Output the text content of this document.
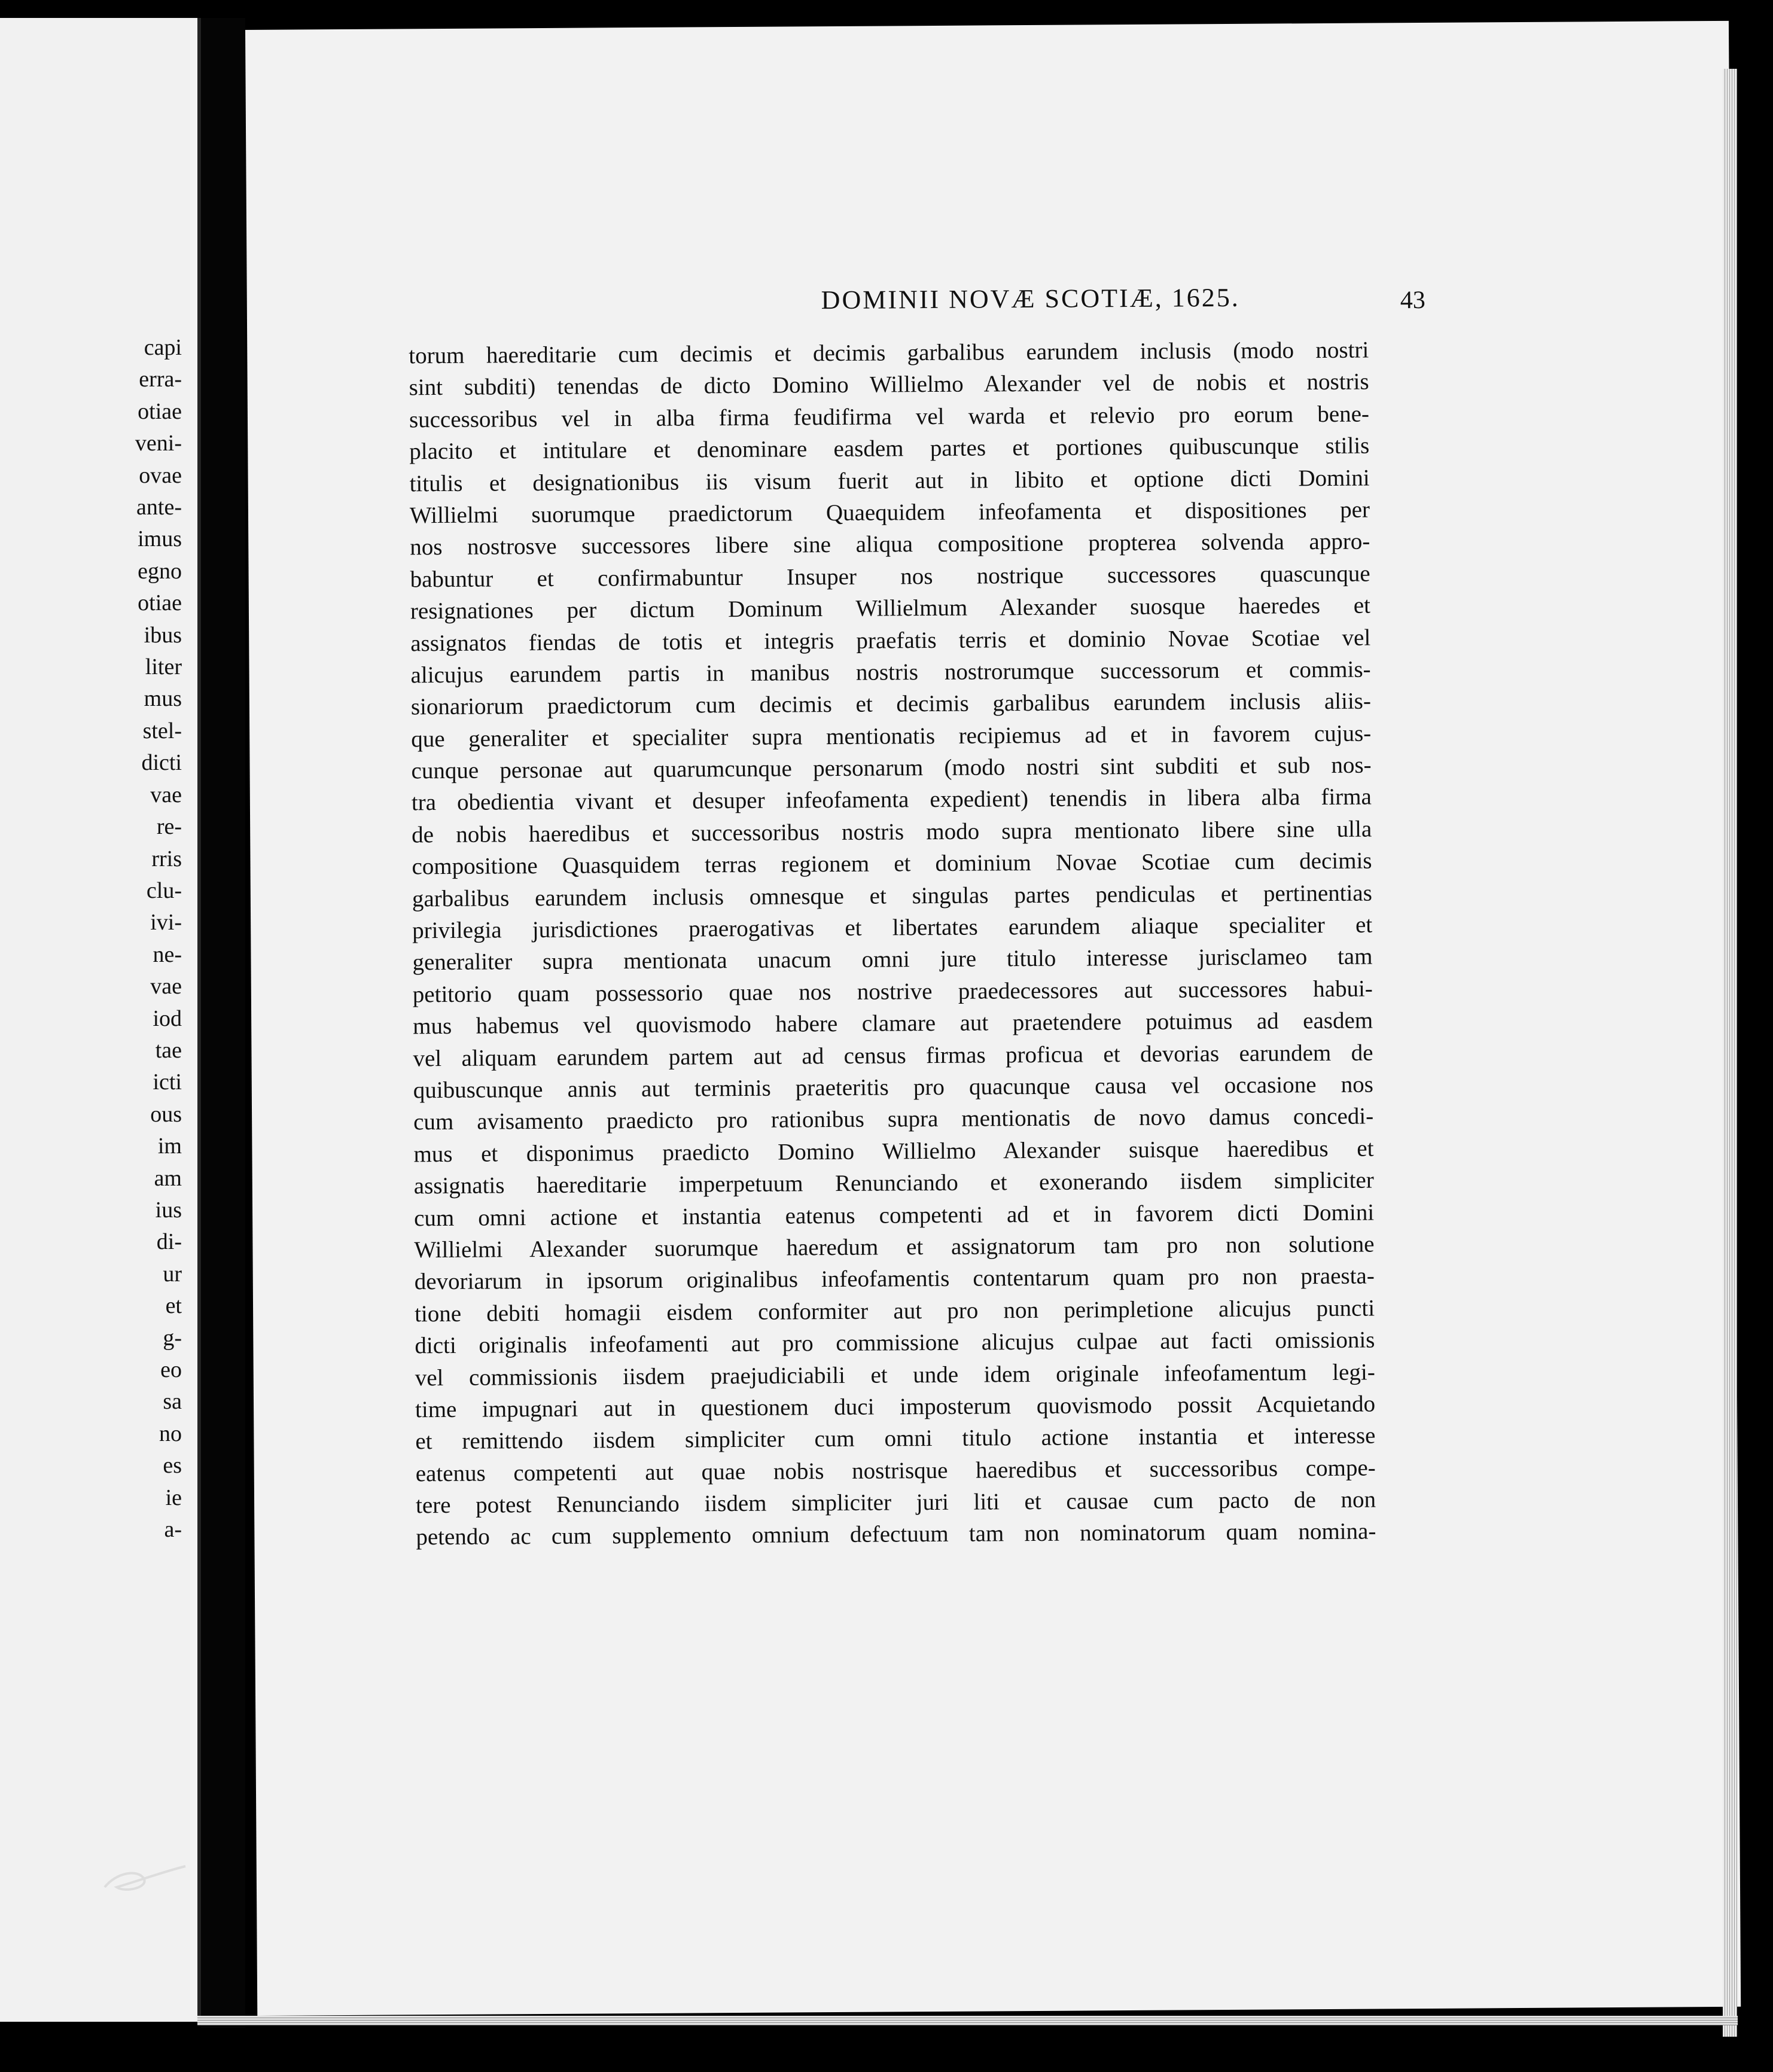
capi
erra-
otiae
veni-
ovae
ante-
imus
egno
otiae
ibus
liter
mus
stel-
dicti
vae
re-
rris
clu-
ivi-
ne-
vae
iod
tae
icti
ous
im
am
ius
di-
ur
et
g-
eo
sa
no
es
ie
a-
DOMINII NOVÆ SCOTIÆ, 1625.	43
torum haereditarie cum decimis et decimis garbalibus earundem inclusis (modo nostri
sint subditi) tenendas de dicto Domino Willielmo Alexander vel de nobis et nostris
successoribus vel in alba firma feudifirma vel warda et relevio pro eorum bene-
placito et intitulare et denominare easdem partes et portiones quibuscunque stilis
titulis et designationibus iis visum fuerit aut in libito et optione dicti Domini
Willielmi suorumque praedictorum Quaequidem infeofamenta et dispositiones per
nos nostrosve successores libere sine aliqua compositione propterea solvenda appro-
babuntur et confirmabuntur Insuper nos nostrique successores quascunque
resignationes per dictum Dominum Willielmum Alexander suosque haeredes et
assignatos fiendas de totis et integris praefatis terris et dominio Novae Scotiae vel
alicujus earundem partis in manibus nostris nostrorumque successorum et commis-
sionariorum praedictorum cum decimis et decimis garbalibus earundem inclusis aliis-
que generaliter et specialiter supra mentionatis recipiemus ad et in favorem cujus-
cunque personae aut quarumcunque personarum (modo nostri sint subditi et sub nos-
tra obedientia vivant et desuper infeofamenta expedient) tenendis in libera alba firma
de nobis haeredibus et successoribus nostris modo supra mentionato libere sine ulla
compositione Quasquidem terras regionem et dominium Novae Scotiae cum decimis
garbalibus earundem inclusis omnesque et singulas partes pendiculas et pertinentias
privilegia jurisdictiones praerogativas et libertates earundem aliaque specialiter et
generaliter supra mentionata unacum omni jure titulo interesse jurisclameo tam
petitorio quam possessorio quae nos nostrive praedecessores aut successores habui-
mus habemus vel quovismodo habere clamare aut praetendere potuimus ad easdem
vel aliquam earundem partem aut ad census firmas proficua et devorias earundem de
quibuscunque annis aut terminis praeteritis pro quacunque causa vel occasione nos
cum avisamento praedicto pro rationibus supra mentionatis de novo damus concedi-
mus et disponimus praedicto Domino Willielmo Alexander suisque haeredibus et
assignatis haereditarie imperpetuum Renunciando et exonerando iisdem simpliciter
cum omni actione et instantia eatenus competenti ad et in favorem dicti Domini
Willielmi Alexander suorumque haeredum et assignatorum tam pro non solutione
devoriarum in ipsorum originalibus infeofamentis contentarum quam pro non praestа-
tione debiti homagii eisdem conformiter aut pro non perimpletione alicujus puncti
dicti originalis infeofamenti aut pro commissione alicujus culpae aut facti omissionis
vel commissionis iisdem praejudiciabili et unde idem originale infeofamentum legi-
time impugnari aut in questionem duci imposterum quovismodo possit Acquietando
et remittendo iisdem simpliciter cum omni titulo actione instantia et interesse
eatenus competenti aut quae nobis nostrisque haeredibus et successoribus compe-
tere potest Renunciando iisdem simpliciter juri liti et causae cum pacto de non
petendo ac cum supplemento omnium defectuum tam non nominatorum quam nomina-
